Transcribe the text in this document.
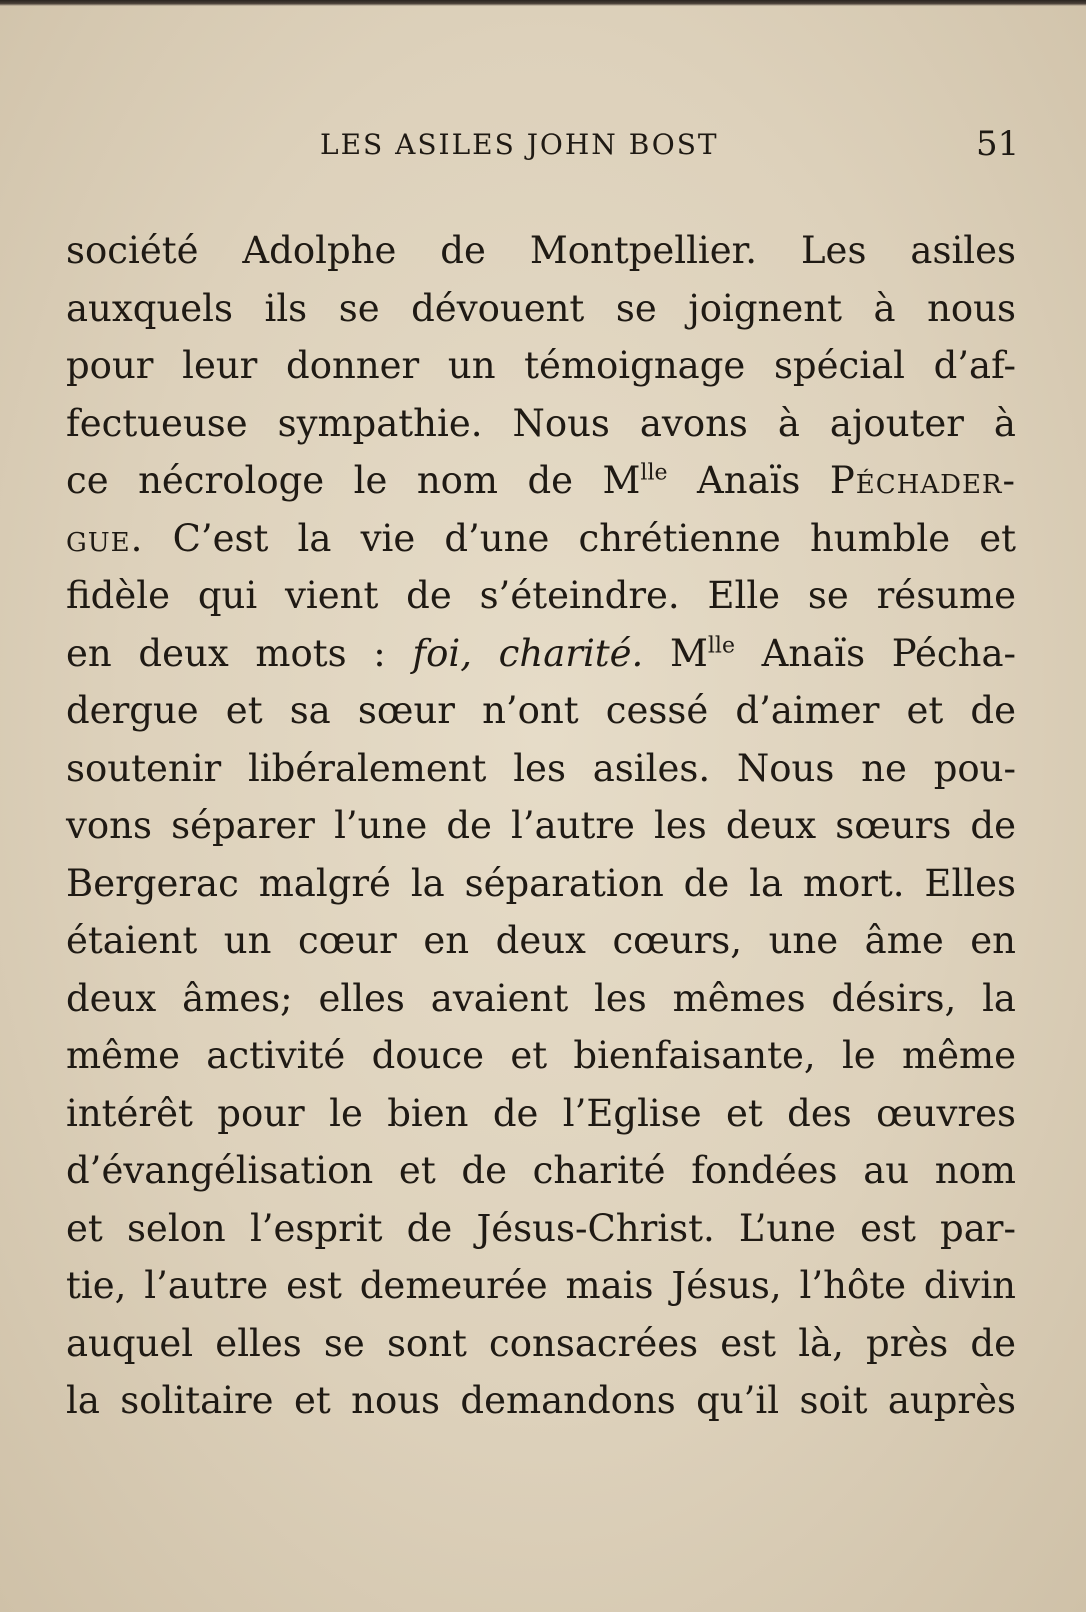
LES ASILES JOHN BOST	51
société Adolphe de Montpellier. Les asiles
auxquels ils se dévouent se joignent à nous
pour leur donner un témoignage spécial d’af-
fectueuse sympathie. Nous avons à ajouter à
ce nécrologe le nom de $M^{lle}$ Anaïs Péchader-
gue. C’est la vie d’une chrétienne humble et
fidèle qui vient de s’éteindre. Elle se résume
en deux mots : foi, charité. $M^{lle}$ Anaïs Pécha-
dergue et sa sœur n’ont cessé d’aimer et de
soutenir libéralement les asiles. Nous ne pou-
vons séparer l’une de l’autre les deux sœurs de
Bergerac malgré la séparation de la mort. Elles
étaient un cœur en deux cœurs, une âme en
deux âmes; elles avaient les mêmes désirs, la
même activité douce et bienfaisante, le même
intérêt pour le bien de l’Eglise et des œuvres
d’évangélisation et de charité fondées au nom
et selon l’esprit de Jésus-Christ. L’une est par-
tie, l’autre est demeurée mais Jésus, l’hôte divin
auquel elles se sont consacrées est là, près de
la solitaire et nous demandons qu’il soit auprès
